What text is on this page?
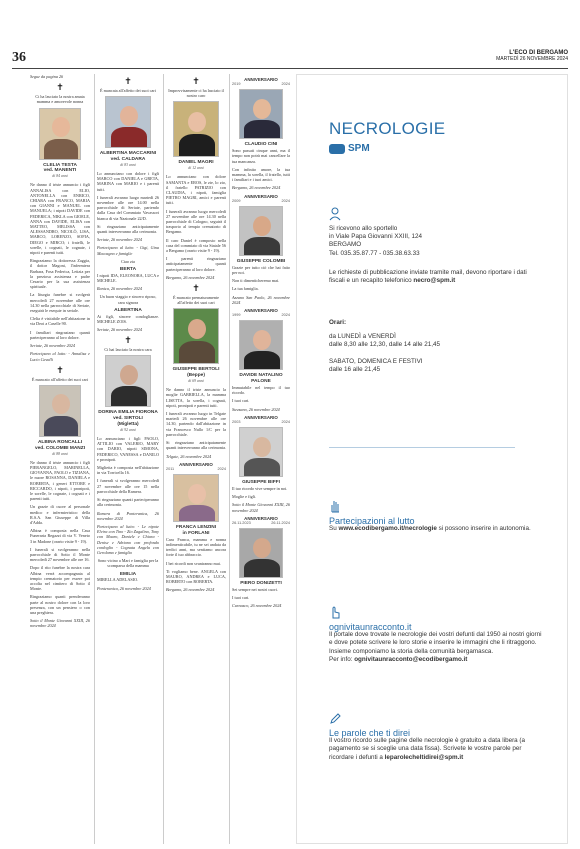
36	L'ECO DI BERGAMO
MARTEDÌ 26 NOVEMBRE 2024

Segue da pagina 26

✝

Ci ha lasciato la nostra amata mamma e amorevole nonna

CLELIA TESTA
ved. MANENTI
di 84 anni

Ne danno il triste annuncio i figli ANNALISA con ELIO, ANTONELLA con ENRICO, CHIARA con FRANCO, MARIA con GIANNI e MANUEL con MANUELA; i nipoti DAVIDE con FEDERICA, NIKLA con GIOELE, ANNA con DAVIDE, ELISA con MATTEO, MELISSA con ALESSANDRO, NICOLÒ, LISA, MARCO, LORENZO, SOFIA, DIEGO e MIRCO; i fratelli, le sorelle, i cognati, le cognate, i nipoti e parenti tutti.

Ringraziamo la dottoressa Zaggia, il dottor Magoni, l'infermiera Barbara, Fosa Federica, Letizia per la preziosa assistenza e padre Cesario per la sua assistenza spirituale.

La liturgia funebre si svolgerà mercoledì 27 novembre alle ore 14.30 nella parrocchiale di Seriate, eseguirà le esequie in seriale.

Clelia è visitabile nell'abitazione in via Deoi a Caselle 90.

I familiari ringraziano quanti parteciperanno al loro dolore.

Seriate, 26 novembre 2024

Partecipano al lutto: - Annalisa e Lucio Cavalli

✝

È mancato all'affetto dei suoi cari

ALBINA RONCALLI
ved. COLOMBI MANZI
di 88 anni

Ne danno il triste annuncio i figli PIERANGELO, MARINELLA, GIOVANNA, PAOLO e TIZIANA, le nuore ROSANNA, DANIELA e ROBERTA, i generi ETTORE e RICCARDO, i nipoti, i pronipoti, le sorelle, le cognate, i cognati e i parenti tutti.

Un grazie di cuore al personale medico e infermieristico della R.S.A. San Giuseppe di Villa d'Adda.

Albina è composta nella Casa Funeraria Regazzi di via V. Veneto 3 in Madone (orario visite 9 - 19).

I funerali si svolgeranno nella parrocchiale di Sotto il Monte mercoledì 27 novembre alle ore 16.

Dopo il rito funebre la nostra cara Albina verrà accompagnata al tempio crematorio per essere poi accolta nel cimitero di Sotto il Monte.

Ringraziamo quanti prenderanno parte al nostro dolore con la loro presenza, con un pensiero o con una preghiera.

Sotto il Monte Giovanni XXIII, 26 novembre 2024

✝

È mancata all'affetto dei suoi cari

ALBERTINA MACCARINI
ved. CALDARA
di 83 anni

Lo annunciano con dolore i figli MARCO con DANIELA e GRETA, MARINA con MARIO e i parenti tutti.

I funerali avranno luogo martedì 26 novembre alle ore 14.00 nella parrocchiale di Seriate, partendo dalla Casa del Commiato Vavassori bianca di via Nazionale 22/D.

Si ringraziano anticipatamente quanti interverranno alla cerimonia.

Seriate, 26 novembre 2024

Partecipano al lutto: - Gigi, Gina Maccagno e famiglie

Ciao zia

BERTA

I nipoti IDA, ELEONORA, LUCA e MICHELE.

Ranica, 26 novembre 2024

Un buon viaggio e sincero riposo, cara signora

ALBERTINA

Ai figli, sincere condoglianze. MICHELE ZOIS.

Seriate, 26 novembre 2024

✝

Ci hai lasciato la nostra cara

DORINA EMILIA FIORONA
ved. SIRTOLI
(Migletta)
di 92 anni

Lo annunciano i figli PAOLO, ATTILIO con VALERIO, MARY con DARIO, nipoti SIMONA, FEDERICO, VANESSA e DANILO e pronipoti.

Miglietta è composta nell'abitazione in via Torricella 16.

I funerali si svolgeranno mercoledì 27 novembre alle ore 15 nella parrocchiale della Ramera.

Si ringraziano quanti parteciperanno alla cerimonia.

Ramera di Ponteranica, 26 novembre 2024

Partecipano al lutto: - Le nipote Elvira con Tino - Zio Zagalino, Tony con Mauro, Daniele e Chiara - Denise e Adriano con profondo cordoglio - Cognata Angela con Gerolamo e famiglia

Sono vicino a Mari e famiglia per la scomparsa della mamma

EMILIA

MIRELLA ADELASIO.

Ponteranica, 26 novembre 2024

✝

Improvvisamente ci ha lasciato il nostro caro

DANIEL MAGRI
di 12 anni

Lo annunciano con dolore SAMANTA e EROS, le zie, lo zio, il fratello PATRIZIO con CLAUDIA, i nipoti, famiglia PIETRO MAGRI, amici e parenti tutti.

I funerali avranno luogo mercoledì 27 novembre alle ore 14.30 nella parrocchiale di Cologno, seguirà il trasporto al tempio crematorio di Bergamo.

Il caro Daniel è composto nella casa del commiato di via Statale 56 a Bergamo (orario visite 9 - 19).

I parenti ringraziano anticipatamente quanti parteciperanno al loro dolore.

Bergamo, 26 novembre 2024

✝

È mancato prematuramente all'affetto dei suoi cari

GIUSEPPE BERTOLI
(Beppe)
di 69 anni

Ne danno il triste annuncio la moglie GABRIELLA, la mamma LISETTA, la sorella, i cognati, nipoti, pronipoti e parenti tutti.

I funerali avranno luogo in Telgate martedì 26 novembre alle ore 14.30, partendo dall'abitazione in via Francesco Nullo 1/C per la parrocchiale.

Si ringraziano anticipatamente quanti interverranno alla cerimonia.

Telgate, 26 novembre 2024

ANNIVERSARIO
2011	2024
FRANCA LENZINI
in FORLANI

Cara Franca, mamma e nonna indimenticabile, tu ne sei andata da tredici anni, ma sentiamo ancora forte il tuo abbraccio.

I bei ricordi non svaniranno mai.

Ti vogliamo bene. ANGELA con MAURO, ANDREA e LUCA, ROBERTO con ROBERTA.

Bergamo, 26 novembre 2024

ANNIVERSARIO
2019	2024
CLAUDIO CINI

Sono passati cinque anni, ma il tempo non potrà mai cancellare la tua mancanza.

Con infinito amore, la tua mamma, la sorella, il fratello, tutti i familiari e i tuoi amici.

Bergamo, 26 novembre 2024

ANNIVERSARIO
2009	2024
GIUSEPPE COLOMBI

Grazie per tutto ciò che hai fatto per noi.

Non ti dimenticheremo mai.

La tua famiglia.

Azzano San Paolo, 26 novembre 2024

ANNIVERSARIO
1999	2024
DAVIDE NATALINO PALONE

Immutabile nel tempo il tuo ricordo.

I tuoi cari.

Stezzano, 26 novembre 2024

ANNIVERSARIO
2003	2024
GIUSEPPE BIFFI

Il tuo ricordo vive sempre in noi.

Moglie e figli.

Sotto il Monte Giovanni XXIII, 26 novembre 2024

ANNIVERSARIO
26.11.2023	26.11.2024
PIERO DONIZETTI

Sei sempre nei nostri cuori.

I tuoi cari.

Curnasco, 26 novembre 2024

NECROLOGIE
SPM
Si ricevono allo sportello
in Viale Papa Giovanni XXIII, 124
BERGAMO
Tel. 035.35.87.77 - 035.38.63.33
Le richieste di pubblicazione inviate tramite mail, devono riportare i dati fiscali e un recapito telefonico necro@spm.it
Orari:
da LUNEDÌ a VENERDÌ
dalle 8,30 alle 12,30, dalle 14 alle 21,45
SABATO, DOMENICA E FESTIVI
dalle 16 alle 21,45
Partecipazioni al lutto
Su www.ecodibergamo.it/necrologie si possono inserire in autonomia.
ognivitaunracconto.it
Il portale dove trovate le necrologie dei vostri defunti dal 1950 ai nostri giorni e dove potete scrivere le loro storie e inserire le immagini che li ritraggono. Insieme componiamo la storia della comunità bergamasca.
Per info: ognivitaunracconto@ecodibergamo.it
Le parole che ti direi
Il vostro ricordo sulle pagine delle necrologie è gratuito a data libera (a pagamento se si sceglie una data fissa). Scrivete le vostre parole per ricordare i defunti a leparolecheltidirei@spm.it
